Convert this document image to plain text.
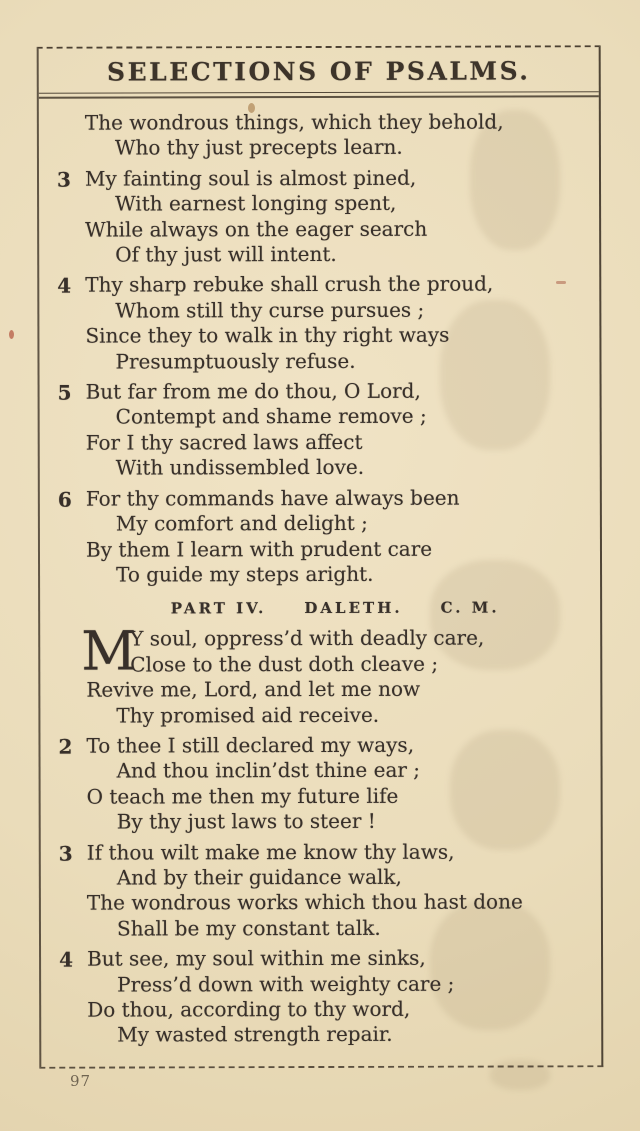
SELECTIONS OF PSALMS.
The wondrous things, which they behold,
Who thy just precepts learn.
3 My fainting soul is almost pined,
With earnest longing spent,
While always on the eager search
Of thy just will intent.
4 Thy sharp rebuke shall crush the proud,
Whom still thy curse pursues ;
Since they to walk in thy right ways
Presumptuously refuse.
5 But far from me do thou, O Lord,
Contempt and shame remove ;
For I thy sacred laws affect
With undissembled love.
6 For thy commands have always been
My comfort and delight ;
By them I learn with prudent care
To guide my steps aright.
PART IV.	DALETH.	C. M.
M
Y soul, oppress’d with deadly care,
Close to the dust doth cleave ;
Revive me, Lord, and let me now
Thy promised aid receive.
2 To thee I still declared my ways,
And thou inclin’dst thine ear ;
O teach me then my future life
By thy just laws to steer !
3 If thou wilt make me know thy laws,
And by their guidance walk,
The wondrous works which thou hast done
Shall be my constant talk.
4 But see, my soul within me sinks,
Press’d down with weighty care ;
Do thou, according to thy word,
My wasted strength repair.
97
